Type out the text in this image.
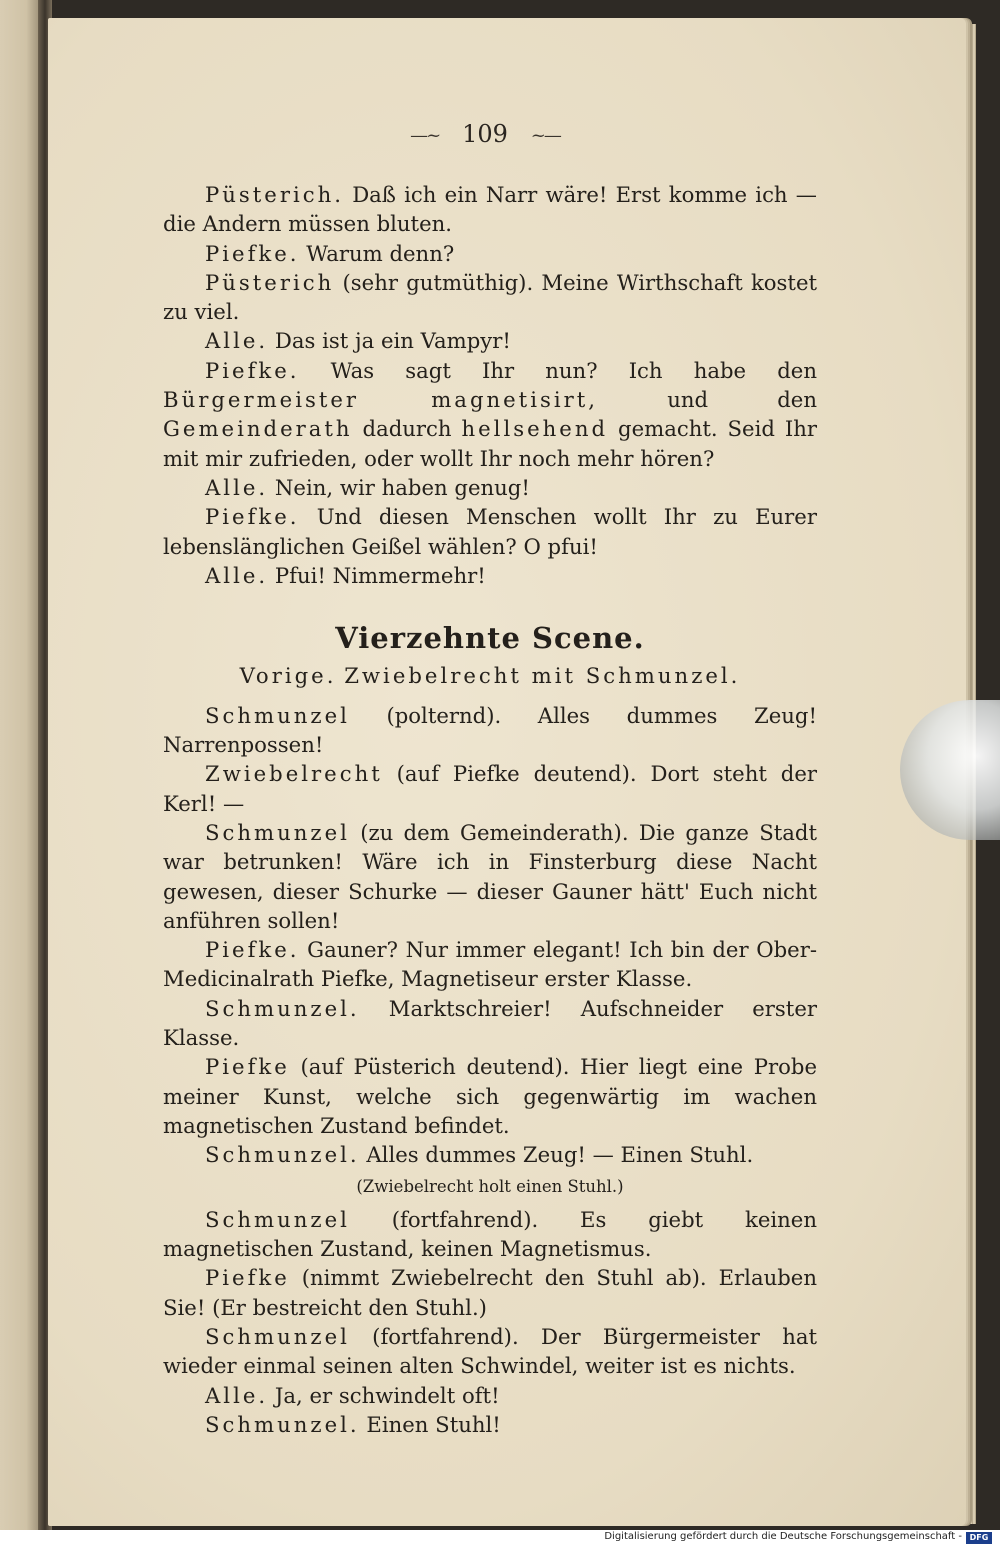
—~ 109 ~—
Püsterich. Daß ich ein Narr wäre! Erst komme ich — die Andern müssen bluten.
Piefke. Warum denn?
Püsterich (sehr gutmüthig). Meine Wirthschaft kostet zu viel.
Alle. Das ist ja ein Vampyr!
Piefke. Was sagt Ihr nun? Ich habe den Bürgermeister magnetisirt,	und den Gemeinderath dadurch hellsehend gemacht. Seid Ihr mit mir zufrieden, oder wollt Ihr noch mehr hören?
Alle. Nein, wir haben genug!
Piefke. Und diesen Menschen wollt Ihr zu Eurer lebenslänglichen Geißel wählen? O pfui!
Alle. Pfui! Nimmermehr!
Vierzehnte Scene.
Vorige. Zwiebelrecht mit Schmunzel.
Schmunzel (polternd). Alles dummes Zeug! Narrenpossen!
Zwiebelrecht (auf Piefke deutend). Dort steht der Kerl! —
Schmunzel (zu dem Gemeinderath). Die ganze Stadt war betrunken! Wäre ich in Finsterburg diese Nacht gewesen, dieser Schurke — dieser Gauner hätt' Euch nicht anführen sollen!
Piefke. Gauner? Nur immer elegant! Ich bin der Ober-Medicinalrath Piefke, Magnetiseur erster Klasse.
Schmunzel. Marktschreier! Aufschneider erster Klasse.
Piefke (auf Püsterich deutend). Hier liegt eine Probe meiner Kunst, welche sich gegenwärtig im wachen magnetischen Zustand befindet.
Schmunzel. Alles dummes Zeug! — Einen Stuhl.
(Zwiebelrecht holt einen Stuhl.)
Schmunzel (fortfahrend). Es giebt keinen magnetischen Zustand, keinen Magnetismus.
Piefke (nimmt Zwiebelrecht den Stuhl ab). Erlauben Sie! (Er bestreicht den Stuhl.)
Schmunzel (fortfahrend). Der Bürgermeister hat wieder einmal seinen alten Schwindel, weiter ist es nichts.
Alle. Ja, er schwindelt oft!
Schmunzel. Einen Stuhl!
Digitalisierung gefördert durch die Deutsche Forschungsgemeinschaft - DFG
